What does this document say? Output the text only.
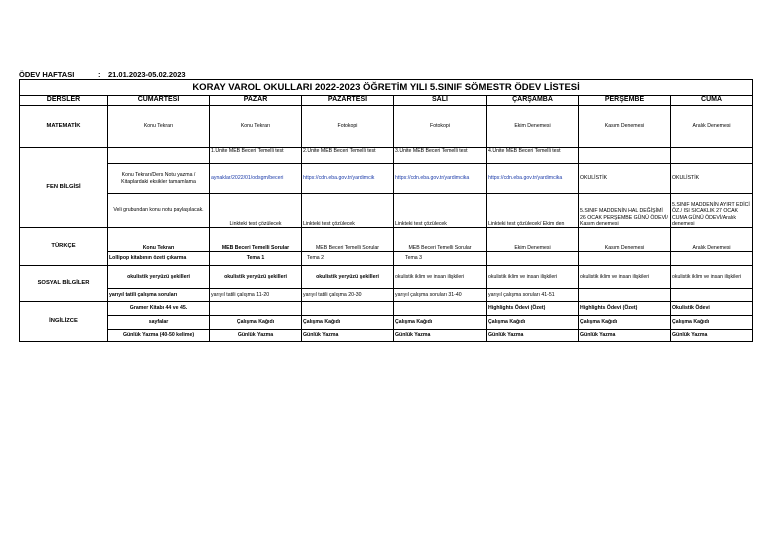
ÖDEV HAFTASI	: 21.01.2023-05.02.2023
KORAY VAROL OKULLARI 2022-2023 ÖĞRETİM YILI 5.SINIF SÖMESTR ÖDEV LİSTESİ							
DERSLER	CUMARTESİ	PAZAR	PAZARTESİ	SALI	ÇARŞAMBA	PERŞEMBE	CUMA
MATEMATİK	Konu Tekrarı	Konu Tekrarı	Fotokopi	Fotokopi	Ekim Denemesi	Kasım Denemesi	Aralık Denemesi
FEN BİLGİSİ		1.Ünite MEB Beceri Temelli test	2.Ünite MEB Beceri Temelli test	3.Ünite MEB Beceri Temelli test	4.Ünite MEB Beceri Temelli test		
	Konu Tekrarı/Ders Notu yazma / Kitaplardaki eksikler tamamlama	aynaklar/2022/01/odsgm/beceri	https://cdn.eba.gov.tr/yardimcik	https://cdn.eba.gov.tr/yardimcika	https://cdn.eba.gov.tr/yardimcika	OKULİSTİK	OKULİSTİK
	Veli grubundan konu notu paylaşılacak.	Linkteki test çözülecek	Linkteki test çözülecek	Linkteki test çözülecek	Linkteki test çözülecek/ Ekim den	5.SINIF MADDENİN HAL DEĞİŞİMİ 26 OCAK PERŞEMBE GÜNÜ ÖDEVİ/ Kasım denemesi	5.SINIF MADDENİN AYIRT EDİCİ ÖZ./ ISI SICAKLIK 27 OCAK CUMA GÜNÜ ÖDEVİ/Aralık denemesi
TÜRKÇE	Konu Tekrarı	MEB Beceri Temelli Sorular	MEB Beceri Temelli Sorular	MEB Beceri Temelli Sorular	Ekim Denemesi	Kasım Denemesi	Aralık Denemesi
	Lollipop kitabının özeti çıkarma	Tema 1	Tema 2	Tema 3			
SOSYAL BİLGİLER	okulistik yeryüzü şekilleri	okulistik yeryüzü şekilleri	okulistik yeryüzü şekilleri	okulistik iklim ve insan ilişkileri	okulistik iklim ve insan ilişkileri	okulistik iklim ve insan ilişkileri	okulistik iklim ve insan ilişkileri
	yarıyıl tatili çalışma soruları	yarıyıl tatili çalışma 11-20	yarıyıl tatili çalışma 20-30	yarıyıl çalışma soruları 31-40	yarıyıl çalışma soruları 41-51		
İNGİLİZCE	Gramer Kitabı 44 ve 45.				Highlights Ödevi (Özet)	Highlights Ödevi (Özet)	Okulistik Ödevi
	sayfalar	Çalışma Kağıdı	Çalışma Kağıdı	Çalışma Kağıdı	Çalışma Kağıdı	Çalışma Kağıdı	Çalışma Kağıdı
	Günlük Yazma (40-50 kelime)	Günlük Yazma	Günlük Yazma	Günlük Yazma	Günlük Yazma	Günlük Yazma	Günlük Yazma
